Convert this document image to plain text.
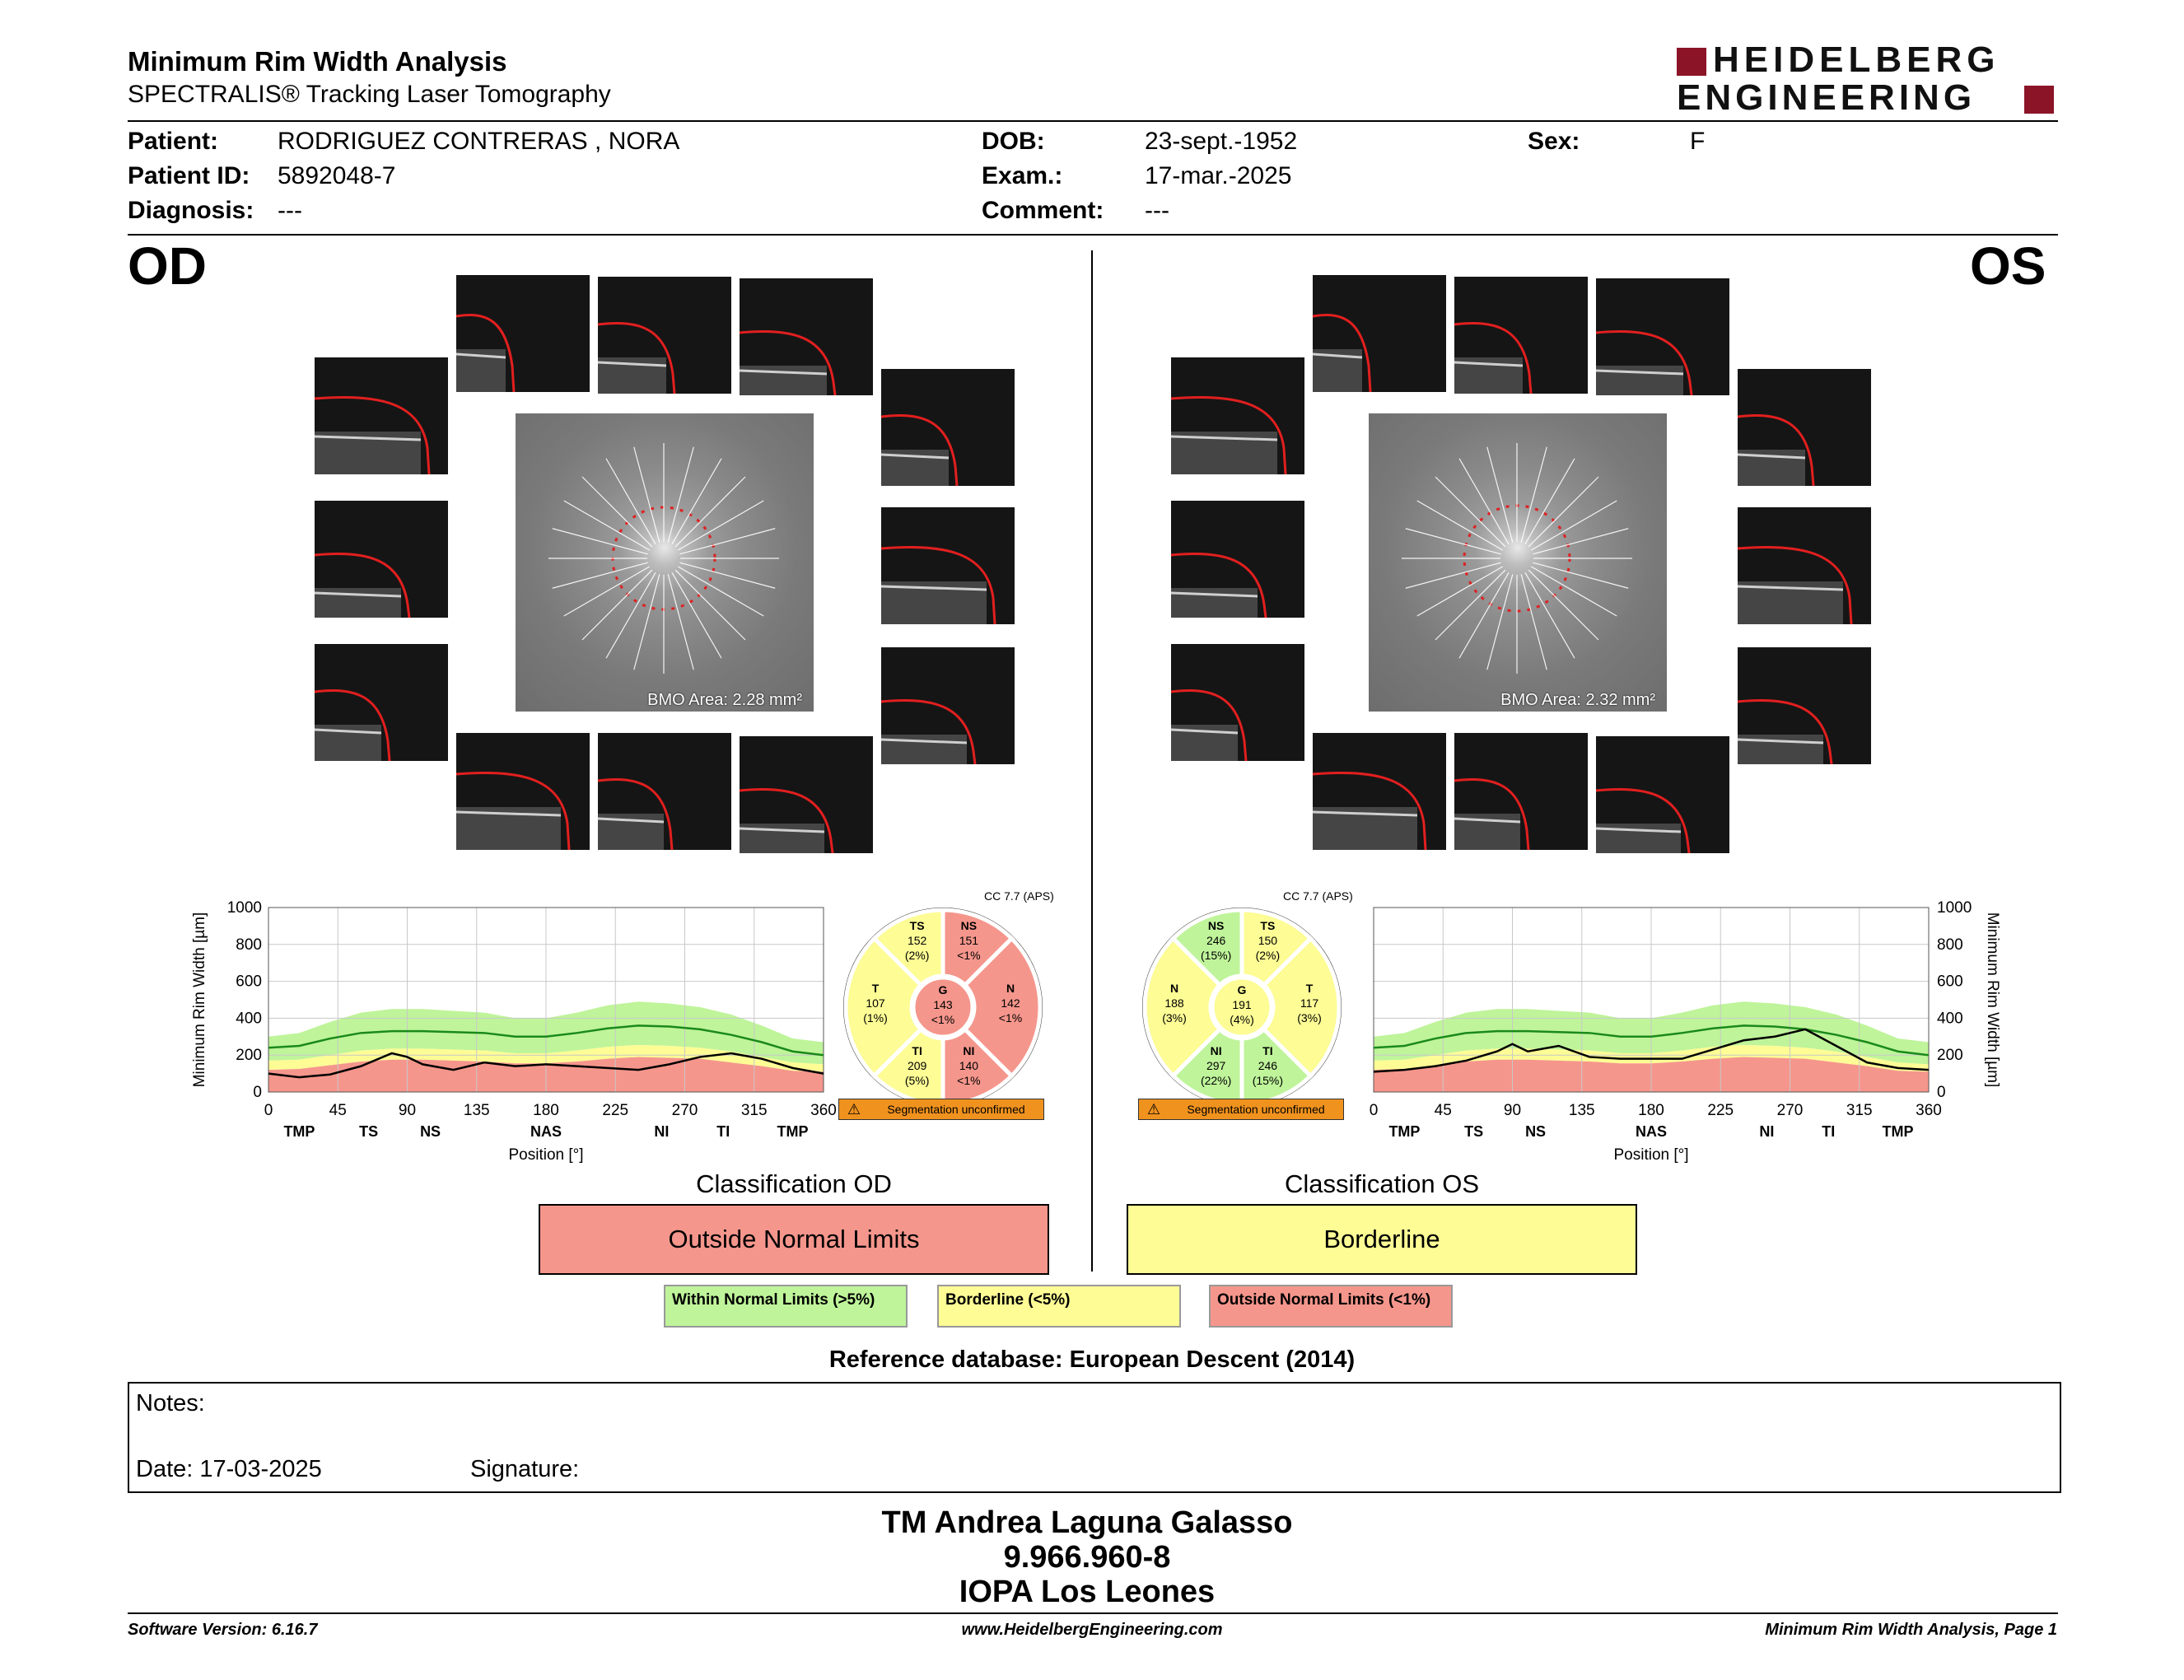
Minimum Rim Width Analysis
SPECTRALIS® Tracking Laser Tomography
HEIDELBERG
ENGINEERING
Patient: RODRIGUEZ CONTRERAS , NORA
Patient ID: 5892048-7
Diagnosis: ---
DOB:	23-sept.-1952
Exam.:	17-mar.-2025
Comment: ---
Sex:	F
OD	OS
BMO Area: 2.28 mm²	BMO Area: 2.32 mm²
0	45	90	135	180	225	270	315	360
0
200
400
600
800
1000
TMP	TS	NS	NAS	NI	TI	TMP
Position [°]
Minimum Rim Width [µm]
0	45	90	135	180	225	270	315	360
0
200
400
600
800
1000
TMP	TS	NS	NAS	NI	TI	TMP
Position [°]
Minimum Rim Width [µm]
CC 7.7 (APS)
NS
151
<1%
TS
152
(2%)
T
107
(1%)
TI
209
(5%)
NI
140
<1%
N
142
<1%
G
143
<1%
⚠	Segmentation unconfirmed
CC 7.7 (APS)
TS
150
(2%)
NS
246
(15%)
N
188
(3%)
NI
297
(22%)
TI
246
(15%)
T
117
(3%)
G
191
(4%)
⚠	Segmentation unconfirmed
Classification OD
Outside Normal Limits
Classification OS
Borderline
Within Normal Limits (>5%)	Borderline (<5%)	Outside Normal Limits (<1%)
Reference database: European Descent (2014)
Notes:
Date: 17-03-2025	Signature:
TM Andrea Laguna Galasso
9.966.960-8
IOPA Los Leones
Software Version: 6.16.7	www.HeidelbergEngineering.com	Minimum Rim Width Analysis, Page 1
